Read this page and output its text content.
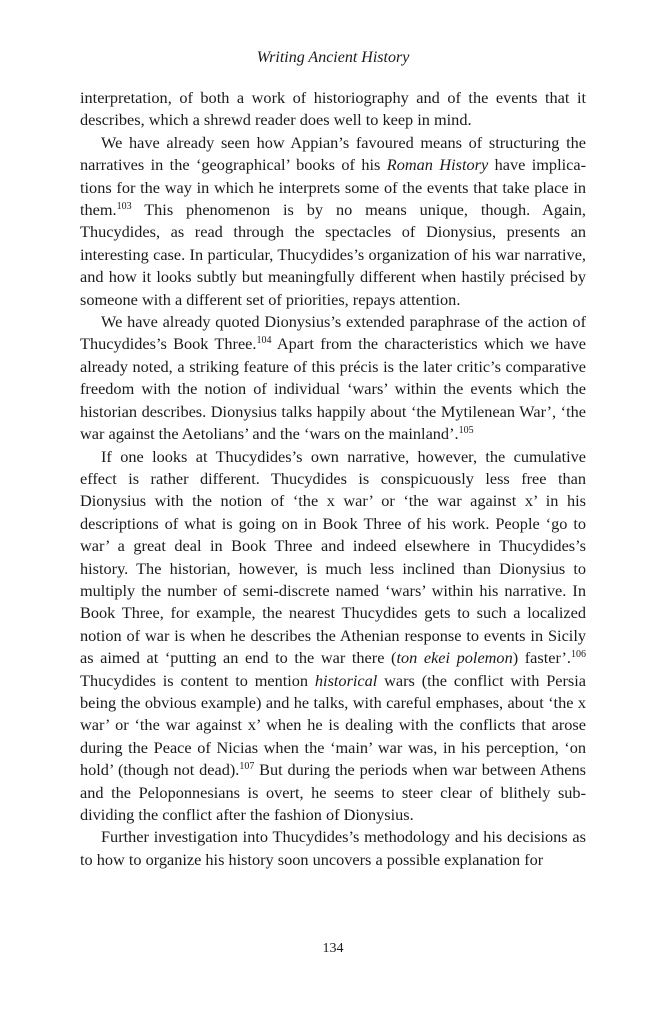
Writing Ancient History

interpretation, of both a work of historiography and of the events that it describes, which a shrewd reader does well to keep in mind.

We have already seen how Appian’s favoured means of structuring the narratives in the ‘geographical’ books of his Roman History have implications for the way in which he interprets some of the events that take place in them.$^{103}$ This phenomenon is by no means unique, though. Again, Thucydides, as read through the spectacles of Dionysius, presents an interesting case. In particular, Thucydides’s organization of his war narrative, and how it looks subtly but meaningfully different when hastily précised by someone with a different set of priorities, repays attention.

We have already quoted Dionysius’s extended paraphrase of the action of Thucydides’s Book Three.$^{104}$ Apart from the characteristics which we have already noted, a striking feature of this précis is the later critic’s comparative freedom with the notion of individual ‘wars’ within the events which the historian describes. Dionysius talks happily about ‘the Mytilenean War’, ‘the war against the Aetolians’ and the ‘wars on the mainland’.$^{105}$

If one looks at Thucydides’s own narrative, however, the cumulative effect is rather different. Thucydides is conspicuously less free than Dionysius with the notion of ‘the x war’ or ‘the war against x’ in his descriptions of what is going on in Book Three of his work. People ‘go to war’ a great deal in Book Three and indeed elsewhere in Thucydides’s history. The historian, however, is much less inclined than Dionysius to multiply the number of semi-discrete named ‘wars’ within his narrative. In Book Three, for example, the nearest Thucydides gets to such a localized notion of war is when he describes the Athenian response to events in Sicily as aimed at ‘putting an end to the war there (ton ekei polemon) faster’.$^{106}$ Thucydides is content to mention historical wars (the conflict with Persia being the obvious example) and he talks, with careful emphases, about ‘the x war’ or ‘the war against x’ when he is dealing with the conflicts that arose during the Peace of Nicias when the ‘main’ war was, in his perception, ‘on hold’ (though not dead).$^{107}$ But during the periods when war between Athens and the Peloponnesians is overt, he seems to steer clear of blithely sub-dividing the conflict after the fashion of Dionysius.

Further investigation into Thucydides’s methodology and his decisions as to how to organize his history soon uncovers a possible explanation for

134
